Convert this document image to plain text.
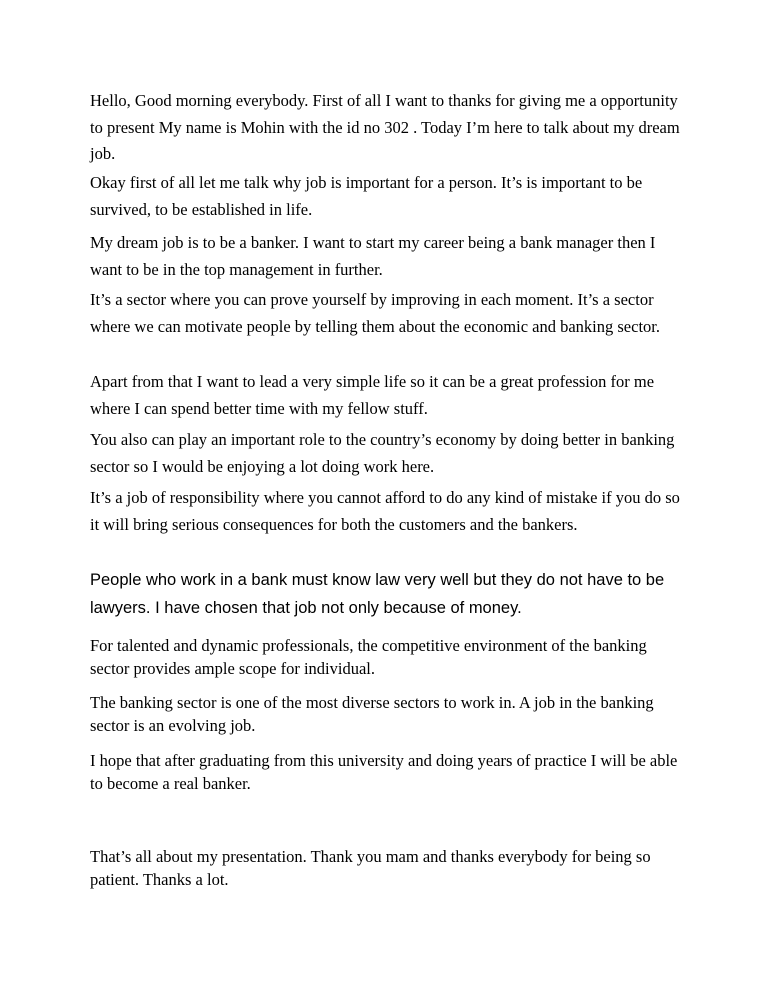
Hello, Good morning everybody. First of all I want to thanks for giving me a opportunity to present My name is Mohin with the id no 302 . Today I’m here to talk about my dream job.

Okay first of all let me talk why job is important for a person. It’s is important to be survived, to be established in life.

My dream job is to be a banker. I want to start my career being a bank manager then I want to be in the top management in further.

It’s a sector where you can prove yourself by improving in each moment. It’s a sector where we can motivate people by telling them about the economic and banking sector.

Apart from that I want to lead a very simple life so it can be a great profession for me where I can spend better time with my fellow stuff.

You also can play an important role to the country’s economy by doing better in banking sector so I would be enjoying a lot doing work here.

It’s a job of responsibility where you cannot afford to do any kind of mistake if you do so it will bring serious consequences for both the customers and the bankers.

People who work in a bank must know law very well but they do not have to be lawyers. I have chosen that job not only because of money.

For talented and dynamic professionals, the competitive environment of the banking sector provides ample scope for individual.

The banking sector is one of the most diverse sectors to work in. A job in the banking sector is an evolving job.

I hope that after graduating from this university and doing years of practice I will be able to become a real banker.

That’s all about my presentation. Thank you mam and thanks everybody for being so patient. Thanks a lot.
